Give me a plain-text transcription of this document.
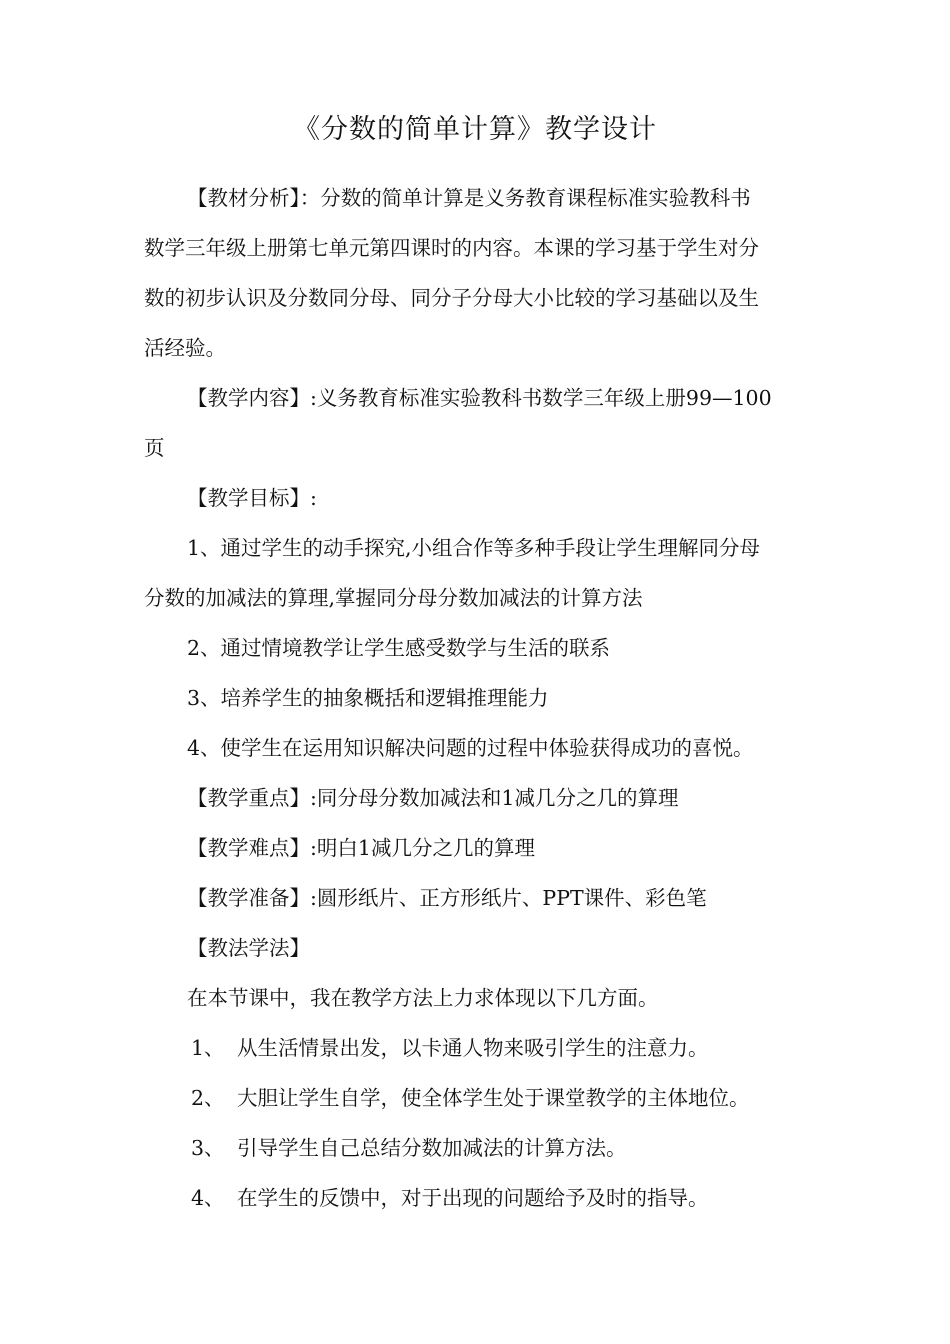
《分数的简单计算》教学设计

【教材分析】：分数的简单计算是义务教育课程标准实验教科书

数学三年级上册第七单元第四课时的内容。本课的学习基于学生对分

数的初步认识及分数同分母、同分子分母大小比较的学习基础以及生

活经验。

【教学内容】:义务教育标准实验教科书数学三年级上册99—100

页

【教学目标】:

1、通过学生的动手探究,小组合作等多种手段让学生理解同分母

分数的加减法的算理,掌握同分母分数加减法的计算方法

2、通过情境教学让学生感受数学与生活的联系

3、培养学生的抽象概括和逻辑推理能力

4、使学生在运用知识解决问题的过程中体验获得成功的喜悦。

【教学重点】:同分母分数加减法和1减几分之几的算理

【教学难点】:明白1减几分之几的算理

【教学准备】:圆形纸片、正方形纸片、PPT课件、彩色笔

【教法学法】

在本节课中，我在教学方法上力求体现以下几方面。

1、 从生活情景出发，以卡通人物来吸引学生的注意力。

2、 大胆让学生自学，使全体学生处于课堂教学的主体地位。

3、 引导学生自己总结分数加减法的计算方法。

4、 在学生的反馈中，对于出现的问题给予及时的指导。
